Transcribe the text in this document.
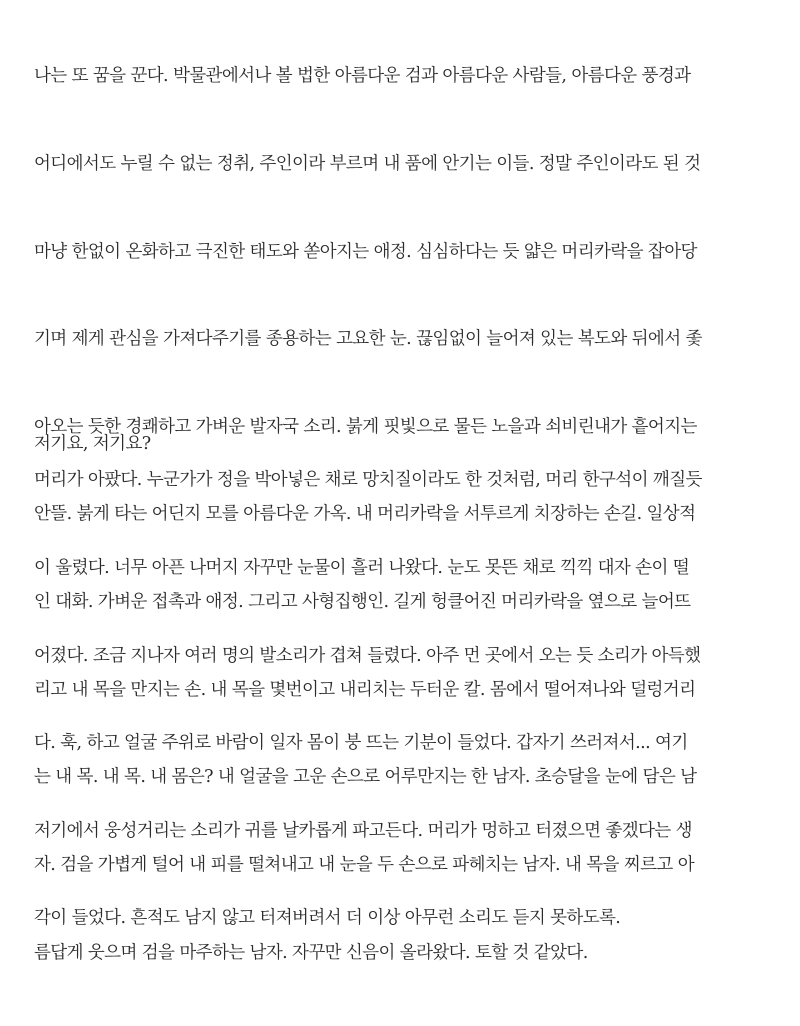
나는 또 꿈을 꾼다. 박물관에서나 볼 법한 아름다운 검과 아름다운 사람들, 아름다운 풍경과

어디에서도 누릴 수 없는 정취, 주인이라 부르며 내 품에 안기는 이들. 정말 주인이라도 된 것

마냥 한없이 온화하고 극진한 태도와 쏟아지는 애정. 심심하다는 듯 얇은 머리카락을 잡아당

기며 제게 관심을 가져다주기를 종용하는 고요한 눈. 끊임없이 늘어져 있는 복도와 뒤에서 좇

아오는 듯한 경쾌하고 가벼운 발자국 소리. 붉게 핏빛으로 물든 노을과 쇠비린내가 흩어지는

안뜰. 붉게 타는 어딘지 모를 아름다운 가옥. 내 머리카락을 서투르게 치장하는 손길. 일상적

인 대화. 가벼운 접촉과 애정. 그리고 사형집행인. 길게 헝클어진 머리카락을 옆으로 늘어뜨

리고 내 목을 만지는 손. 내 목을 몇번이고 내리치는 두터운 칼. 몸에서 떨어져나와 덜렁거리

는 내 목. 내 목. 내 몸은? 내 얼굴을 고운 손으로 어루만지는 한 남자. 초승달을 눈에 담은 남

자. 검을 가볍게 털어 내 피를 떨쳐내고 내 눈을 두 손으로 파헤치는 남자. 내 목을 찌르고 아

름답게 웃으며 검을 마주하는 남자. 자꾸만 신음이 올라왔다. 토할 것 같았다.

저기요, 저기요?

머리가 아팠다. 누군가가 정을 박아넣은 채로 망치질이라도 한 것처럼, 머리 한구석이 깨질듯

이 울렸다. 너무 아픈 나머지 자꾸만 눈물이 흘러 나왔다. 눈도 못뜬 채로 끽끽 대자 손이 떨

어졌다. 조금 지나자 여러 명의 발소리가 겹쳐 들렸다. 아주 먼 곳에서 오는 듯 소리가 아득했

다. 훅, 하고 얼굴 주위로 바람이 일자 몸이 붕 뜨는 기분이 들었다. 갑자기 쓰러져서... 여기

저기에서 웅성거리는 소리가 귀를 날카롭게 파고든다. 머리가 멍하고 터졌으면 좋겠다는 생

각이 들었다. 흔적도 남지 않고 터져버려서 더 이상 아무런 소리도 듣지 못하도록.
